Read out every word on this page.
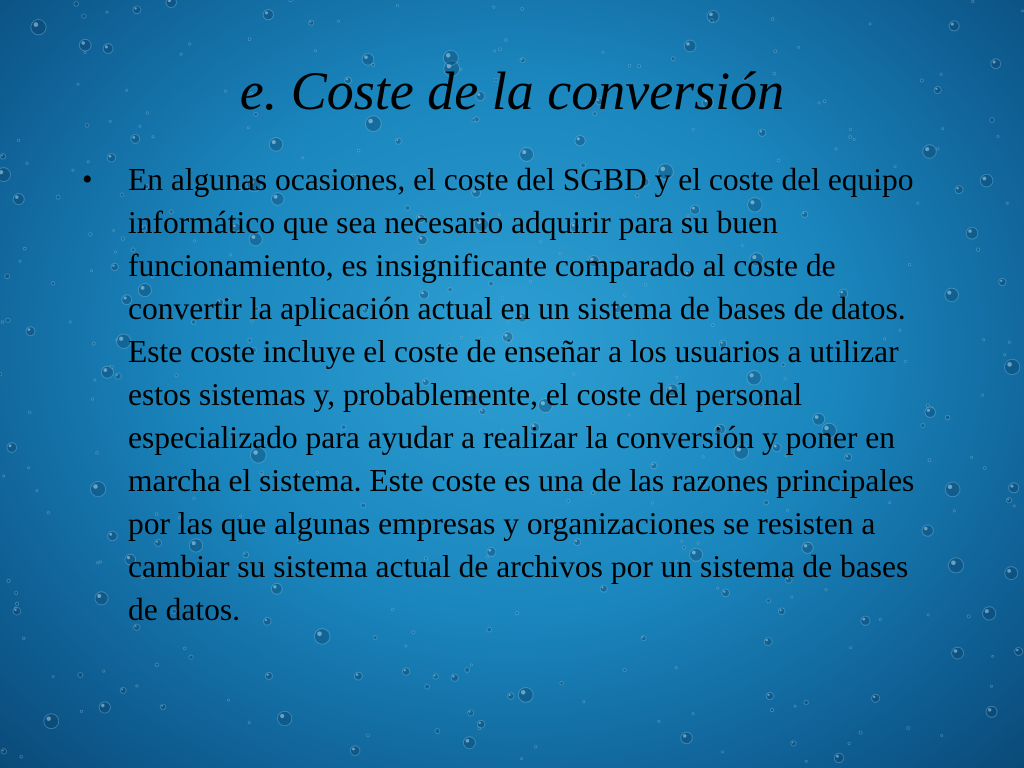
e. Coste de la conversión
•	En algunas ocasiones, el coste del SGBD y el coste del equipo informático que sea necesario adquirir para su buen funcionamiento, es insignificante comparado al coste de convertir la aplicación actual en un sistema de bases de datos. Este coste incluye el coste de enseñar a los usuarios a utilizar estos sistemas y, probablemente, el coste del personal especializado para ayudar a realizar la conversión y poner en marcha el sistema. Este coste es una de las razones principales por las que algunas empresas y organizaciones se resisten a cambiar su sistema actual de archivos por un sistema de bases de datos.
